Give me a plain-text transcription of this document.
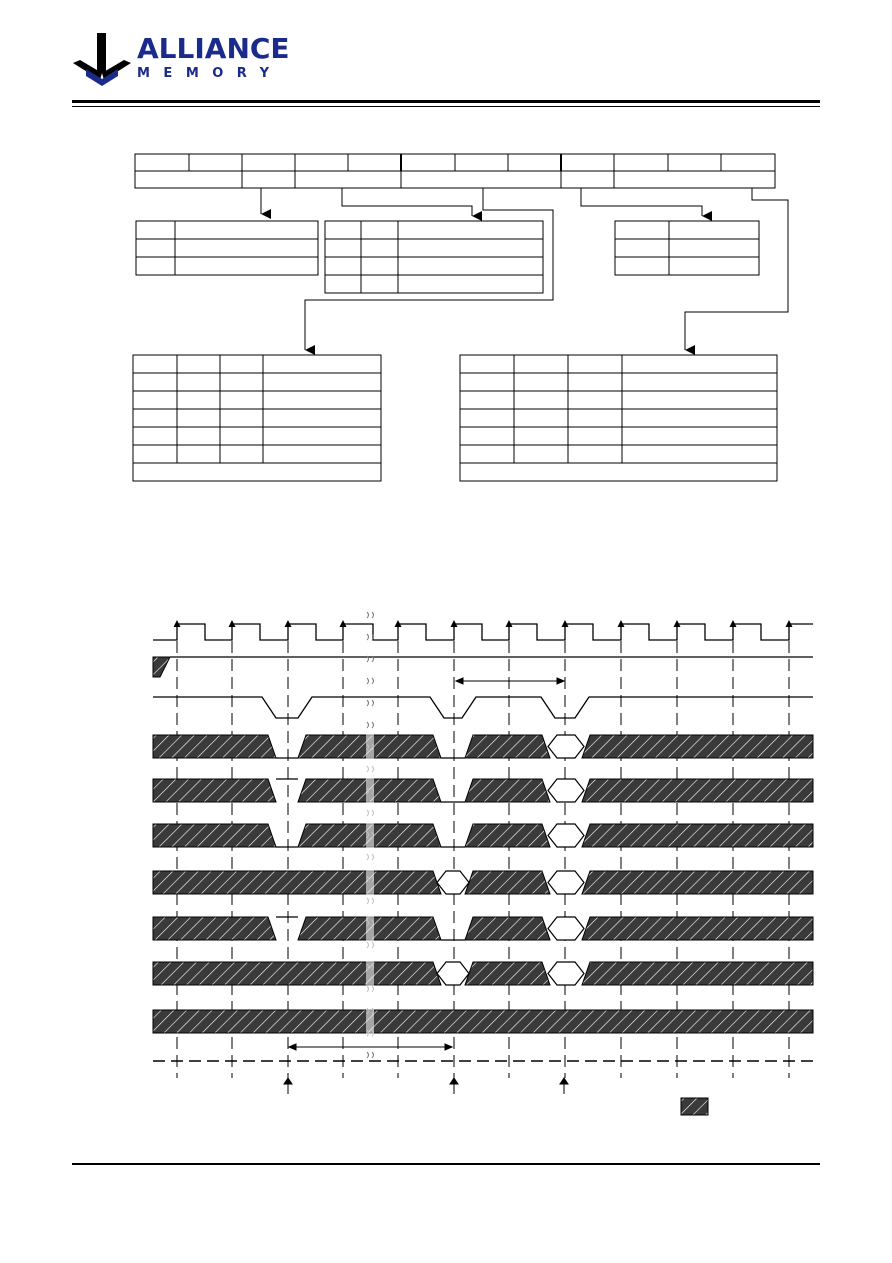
ALLIANCE
MEMORY
